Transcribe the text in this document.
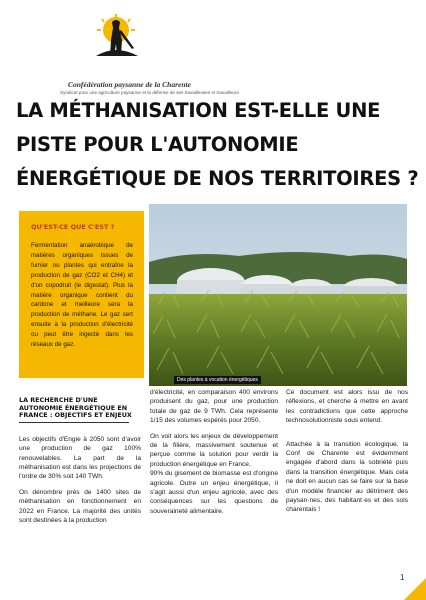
Confédération paysanne de la Charente
Syndicat pour une agriculture paysanne et la défense de ses travailleuses et travailleurs
LA MÉTHANISATION EST-ELLE UNE
PISTE POUR L'AUTONOMIE
ÉNERGÉTIQUE DE NOS TERRITOIRES ?
QU'EST-CE QUE C'EST ?

Fermentation anaérobique de matières organiques issues de fumier ou plantes qui entraîne la production de gaz (CO2 et CH4) et d'un copodruit (le digestat). Plus la matière organique contient du cardone et meilleure sera la production de méthane. Le gaz sert ensuite à la production d'électricité ou peut être ingecté dans les réseaux de gaz.

Des plantes à vocation énergétiques
LA RECHERCHE D'UNE AUTONOMIE ÉNERGÉTIQUE EN FRANCE : OBJECTIFS ET ENJEUX

Les objectifs d'Engie à 2050 sont d'avoir une production de gaz 100% renouvelables. La part de la méthanisation est dans les projections de l'ordre de 30% soit 140 TWh.

On dénombre près de 1400 sites de méthanisation en fonctionnement en 2022 en France. La majorité des unités sont destinées à la production

d'électricité, en comparaison 400 environs produisent du gaz, pour une production totale de gaz de 9 TWh. Cela représente 1/15 des volumes espérés pour 2050.

On voit alors les enjeux de développement de la filière, massivement soutenue et perçue comme la solution pour verdir la production énergétique en France.

90% du gisement de biomasse est d'origine agricole. Outre un enjeu énergétique, il s'agit aussi d'un enjeu agricole, avec des conséquences sur les questions de souveraineté alimentaire.

Ce document est alors issu de nos réflexions, et cherche à mettre en avant les contradictions que cette approche technosolutionniste sous entend.

Attachée à la transition écologique, la Conf de Charente est évidemment engagée d'abord dans la sobriété puis dans la transition énergétique. Mais cela ne doit en aucun cas se faire sur la base d'un modèle financier au détriment des paysan·nes, des habitant·es et des sols charentais !

1
